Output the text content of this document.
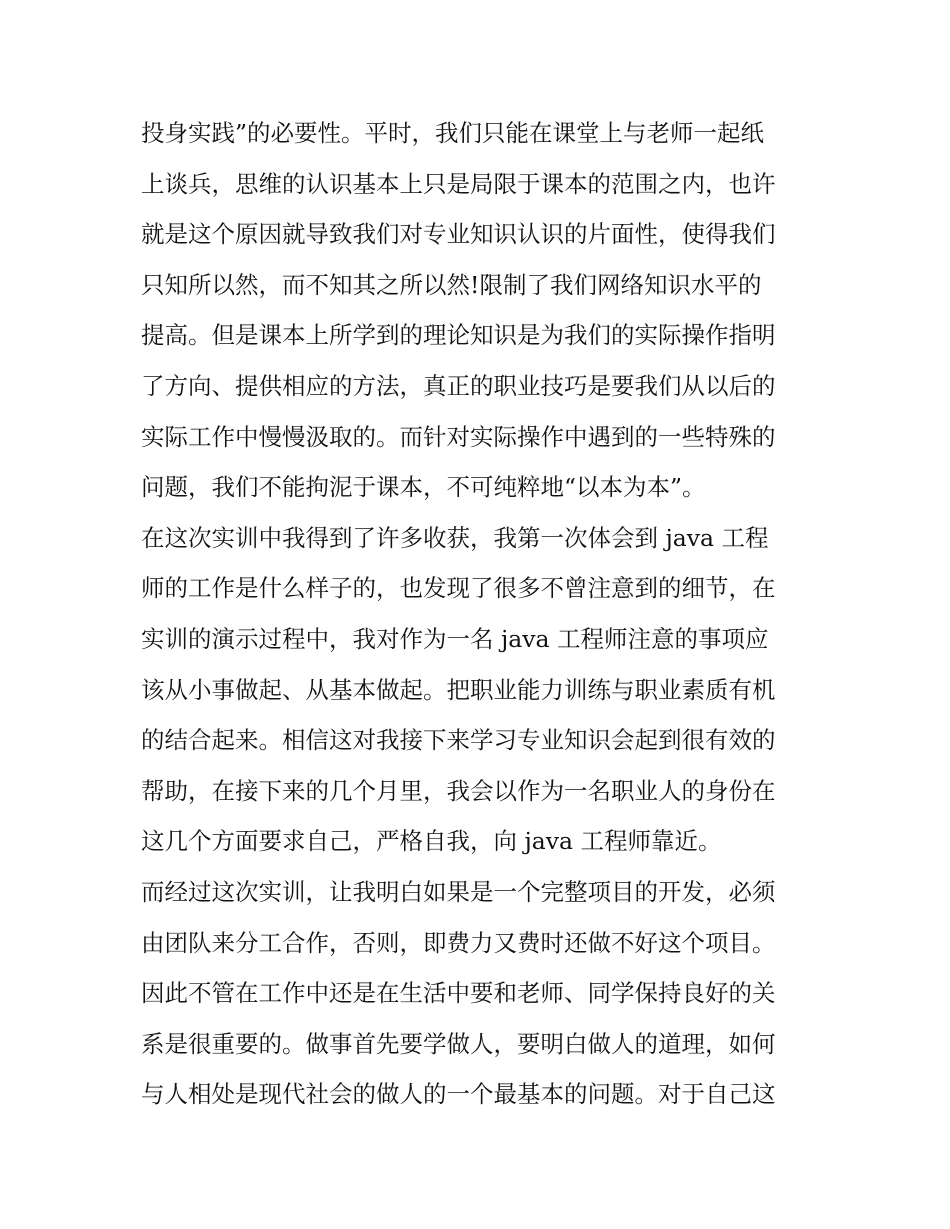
投身实践”的必要性。平时，我们只能在课堂上与老师一起纸
上谈兵，思维的认识基本上只是局限于课本的范围之内，也许
就是这个原因就导致我们对专业知识认识的片面性，使得我们
只知所以然，而不知其之所以然!限制了我们网络知识水平的
提高。但是课本上所学到的理论知识是为我们的实际操作指明
了方向、提供相应的方法，真正的职业技巧是要我们从以后的
实际工作中慢慢汲取的。而针对实际操作中遇到的一些特殊的
问题，我们不能拘泥于课本，不可纯粹地“以本为本”。
在这次实训中我得到了许多收获，我第一次体会到 java 工程
师的工作是什么样子的，也发现了很多不曾注意到的细节，在
实训的演示过程中，我对作为一名 java 工程师注意的事项应
该从小事做起、从基本做起。把职业能力训练与职业素质有机
的结合起来。相信这对我接下来学习专业知识会起到很有效的
帮助，在接下来的几个月里，我会以作为一名职业人的身份在
这几个方面要求自己，严格自我，向 java 工程师靠近。
而经过这次实训，让我明白如果是一个完整项目的开发，必须
由团队来分工合作，否则，即费力又费时还做不好这个项目。
因此不管在工作中还是在生活中要和老师、同学保持良好的关
系是很重要的。做事首先要学做人，要明白做人的道理，如何
与人相处是现代社会的做人的一个最基本的问题。对于自己这
